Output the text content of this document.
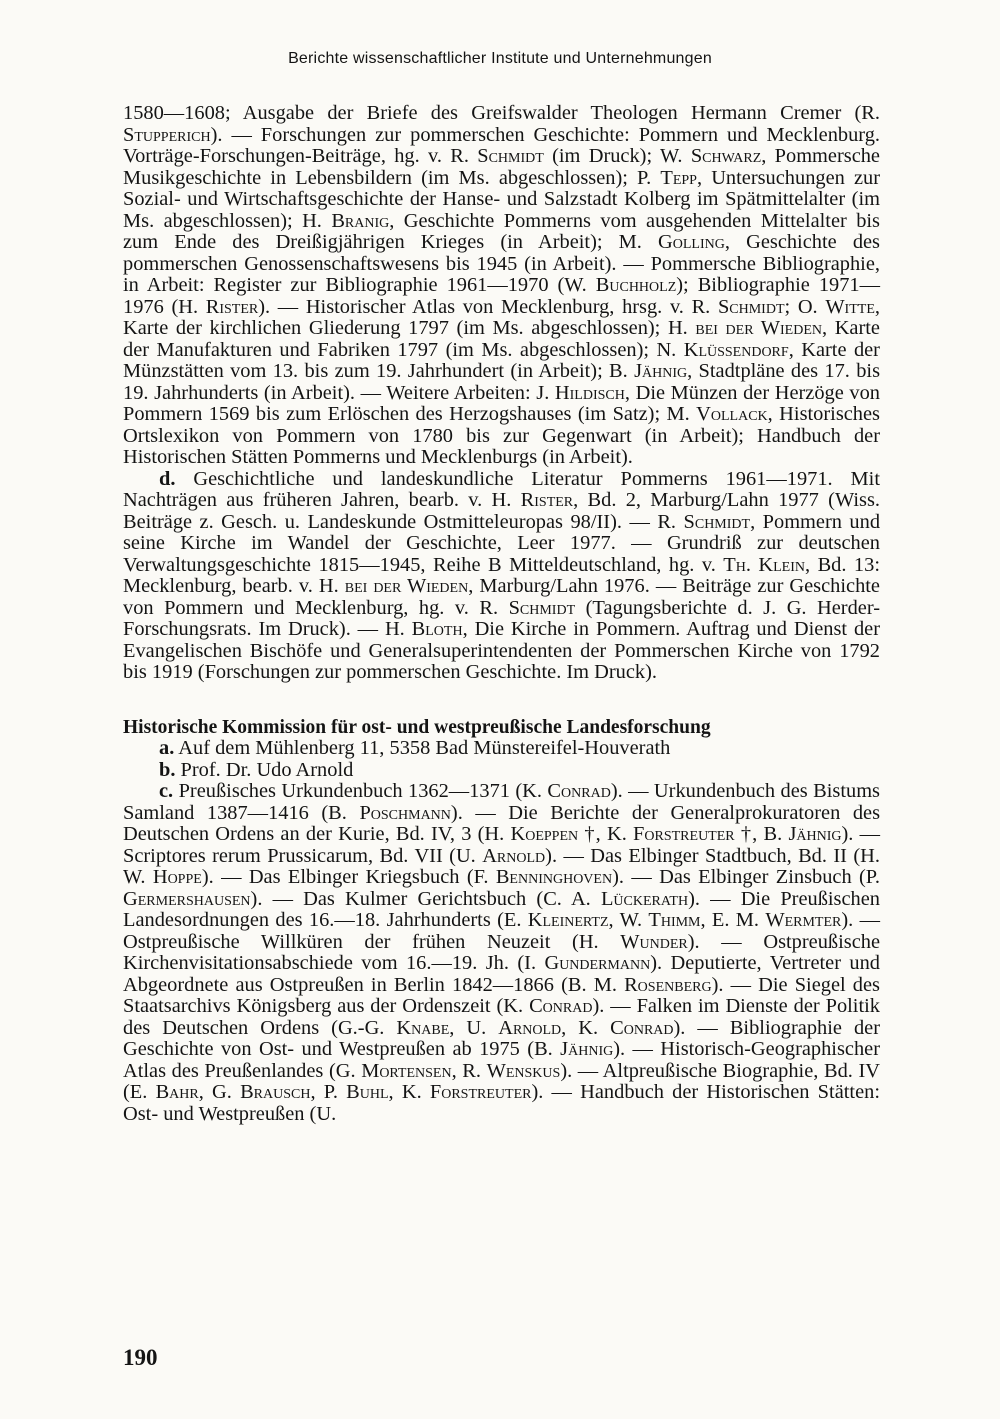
Berichte wissenschaftlicher Institute und Unternehmungen

1580—1608; Ausgabe der Briefe des Greifswalder Theologen Hermann Cremer (R. Stupperich). — Forschungen zur pommerschen Geschichte: Pommern und Mecklenburg. Vorträge-Forschungen-Beiträge, hg. v. R. Schmidt (im Druck); W. Schwarz, Pommersche Musikgeschichte in Lebensbildern (im Ms. abgeschlossen); P. Tepp, Untersuchungen zur Sozial- und Wirtschaftsgeschichte der Hanse- und Salzstadt Kolberg im Spätmittelalter (im Ms. abgeschlossen); H. Branig, Geschichte Pommerns vom ausgehenden Mittelalter bis zum Ende des Dreißigjährigen Krieges (in Arbeit); M. Golling, Geschichte des pommerschen Genossenschaftswesens bis 1945 (in Arbeit). — Pommersche Bibliographie, in Arbeit: Register zur Bibliographie 1961—1970 (W. Buchholz); Bibliographie 1971—1976 (H. Rister). — Historischer Atlas von Mecklenburg, hrsg. v. R. Schmidt; O. Witte, Karte der kirchlichen Gliederung 1797 (im Ms. abgeschlossen); H. bei der Wieden, Karte der Manufakturen und Fabriken 1797 (im Ms. abgeschlossen); N. Klüssendorf, Karte der Münzstätten vom 13. bis zum 19. Jahrhundert (in Arbeit); B. Jähnig, Stadtpläne des 17. bis 19. Jahrhunderts (in Arbeit). — Weitere Arbeiten: J. Hildisch, Die Münzen der Herzöge von Pommern 1569 bis zum Erlöschen des Herzogshauses (im Satz); M. Vollack, Historisches Ortslexikon von Pommern von 1780 bis zur Gegenwart (in Arbeit); Handbuch der Historischen Stätten Pommerns und Mecklenburgs (in Arbeit).

d. Geschichtliche und landeskundliche Literatur Pommerns 1961—1971. Mit Nachträgen aus früheren Jahren, bearb. v. H. Rister, Bd. 2, Marburg/Lahn 1977 (Wiss. Beiträge z. Gesch. u. Landeskunde Ostmitteleuropas 98/II). — R. Schmidt, Pommern und seine Kirche im Wandel der Geschichte, Leer 1977. — Grundriß zur deutschen Verwaltungsgeschichte 1815—1945, Reihe B Mitteldeutschland, hg. v. Th. Klein, Bd. 13: Mecklenburg, bearb. v. H. bei der Wieden, Marburg/Lahn 1976. — Beiträge zur Geschichte von Pommern und Mecklenburg, hg. v. R. Schmidt (Tagungsberichte d. J. G. Herder-Forschungsrats. Im Druck). — H. Bloth, Die Kirche in Pommern. Auftrag und Dienst der Evangelischen Bischöfe und Generalsuperintendenten der Pommerschen Kirche von 1792 bis 1919 (Forschungen zur pommerschen Geschichte. Im Druck).

Historische Kommission für ost- und westpreußische Landesforschung

a. Auf dem Mühlenberg 11, 5358 Bad Münstereifel-Houverath

b. Prof. Dr. Udo Arnold

c. Preußisches Urkundenbuch 1362—1371 (K. Conrad). — Urkundenbuch des Bistums Samland 1387—1416 (B. Poschmann). — Die Berichte der Generalprokuratoren des Deutschen Ordens an der Kurie, Bd. IV, 3 (H. Koeppen †, K. Forstreuter †, B. Jähnig). — Scriptores rerum Prussicarum, Bd. VII (U. Arnold). — Das Elbinger Stadtbuch, Bd. II (H. W. Hoppe). — Das Elbinger Kriegsbuch (F. Benninghoven). — Das Elbinger Zinsbuch (P. Germershausen). — Das Kulmer Gerichtsbuch (C. A. Lückerath). — Die Preußischen Landesordnungen des 16.—18. Jahrhunderts (E. Kleinertz, W. Thimm, E. M. Wermter). — Ostpreußische Willküren der frühen Neuzeit (H. Wunder). — Ostpreußische Kirchenvisitationsabschiede vom 16.—19. Jh. (I. Gundermann). Deputierte, Vertreter und Abgeordnete aus Ostpreußen in Berlin 1842—1866 (B. M. Rosenberg). — Die Siegel des Staatsarchivs Königsberg aus der Ordenszeit (K. Conrad). — Falken im Dienste der Politik des Deutschen Ordens (G.-G. Knabe, U. Arnold, K. Conrad). — Bibliographie der Geschichte von Ost- und Westpreußen ab 1975 (B. Jähnig). — Historisch-Geographischer Atlas des Preußenlandes (G. Mortensen, R. Wenskus). — Altpreußische Biographie, Bd. IV (E. Bahr, G. Brausch, P. Buhl, K. Forstreuter). — Handbuch der Historischen Stätten: Ost- und Westpreußen (U.

190
